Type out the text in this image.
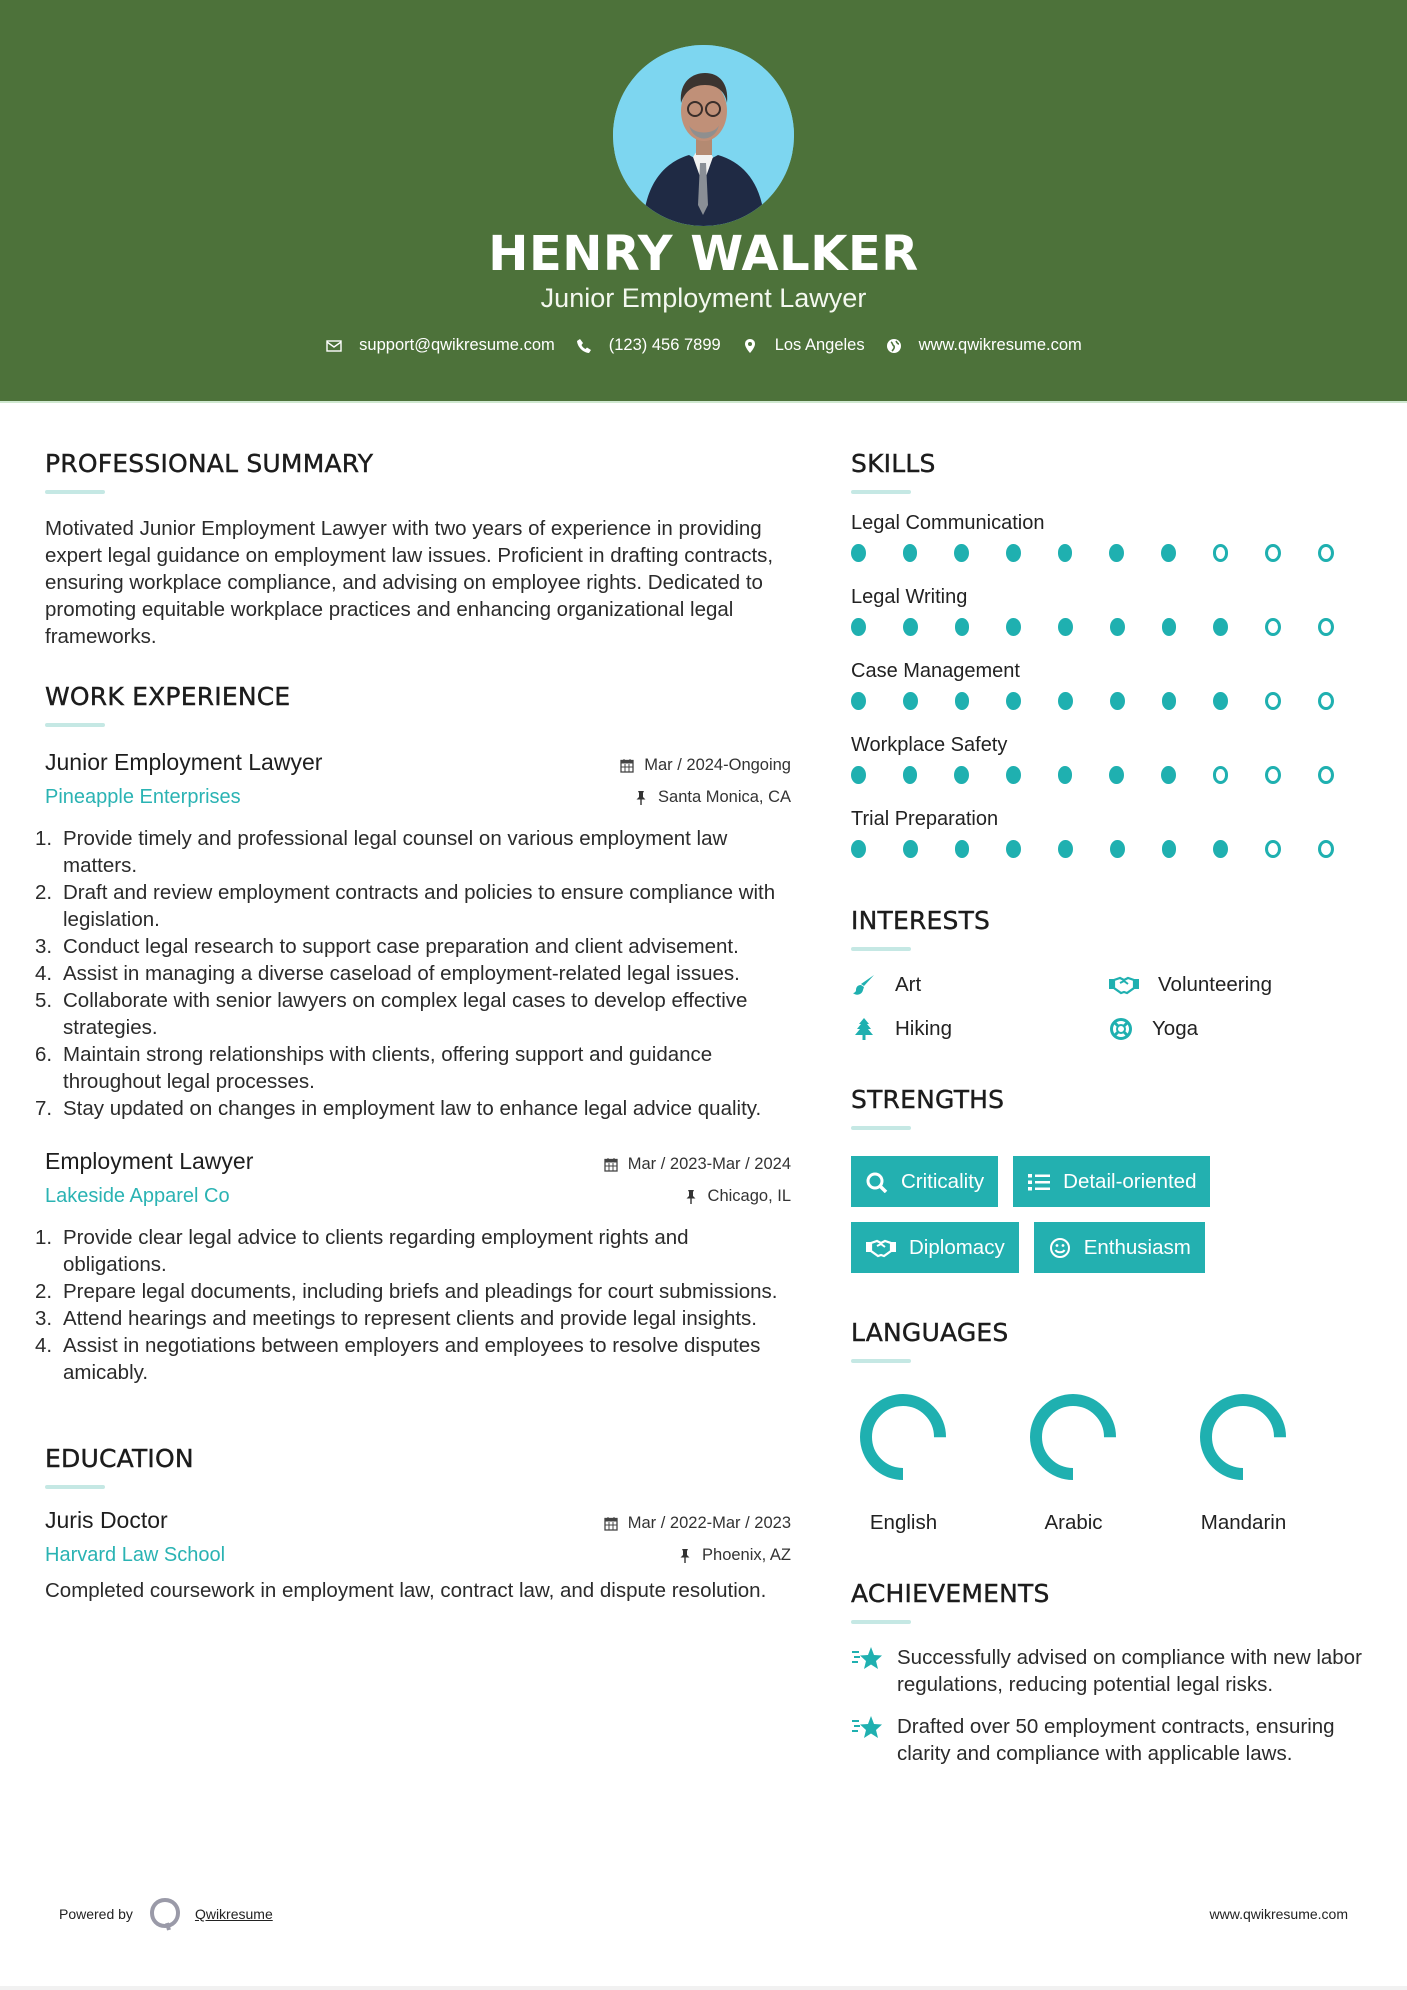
HENRY WALKER
Junior Employment Lawyer
support@qwikresume.com	(123) 456 7899	Los Angeles	www.qwikresume.com
PROFESSIONAL SUMMARY

Motivated Junior Employment Lawyer with two years of experience in providing expert legal guidance on employment law issues. Proficient in drafting contracts, ensuring workplace compliance, and advising on employee rights. Dedicated to promoting equitable workplace practices and enhancing organizational legal frameworks.

WORK EXPERIENCE
Junior Employment Lawyer
Pineapple Enterprises
Mar / 2024-Ongoing
Santa Monica, CA
1. Provide timely and professional legal counsel on various employment law matters.
2. Draft and review employment contracts and policies to ensure compliance with legislation.
3. Conduct legal research to support case preparation and client advisement.
4. Assist in managing a diverse caseload of employment-related legal issues.
5. Collaborate with senior lawyers on complex legal cases to develop effective strategies.
6. Maintain strong relationships with clients, offering support and guidance throughout legal processes.
7. Stay updated on changes in employment law to enhance legal advice quality.
Employment Lawyer
Lakeside Apparel Co
Mar / 2023-Mar / 2024
Chicago, IL
1. Provide clear legal advice to clients regarding employment rights and obligations.
2. Prepare legal documents, including briefs and pleadings for court submissions.
3. Attend hearings and meetings to represent clients and provide legal insights.
4. Assist in negotiations between employers and employees to resolve disputes amicably.
EDUCATION
Juris Doctor
Harvard Law School
Mar / 2022-Mar / 2023
Phoenix, AZ

Completed coursework in employment law, contract law, and dispute resolution.

SKILLS
Legal Communication
Legal Writing
Case Management
Workplace Safety
Trial Preparation
INTERESTS
Art	Volunteering
Hiking	Yoga
STRENGTHS
Criticality	Detail-oriented
Diplomacy	Enthusiasm
LANGUAGES
English	Arabic	Mandarin
ACHIEVEMENTS

Successfully advised on compliance with new labor regulations, reducing potential legal risks.

Drafted over 50 employment contracts, ensuring clarity and compliance with applicable laws.

Powered by	Qwikresume	www.qwikresume.com
